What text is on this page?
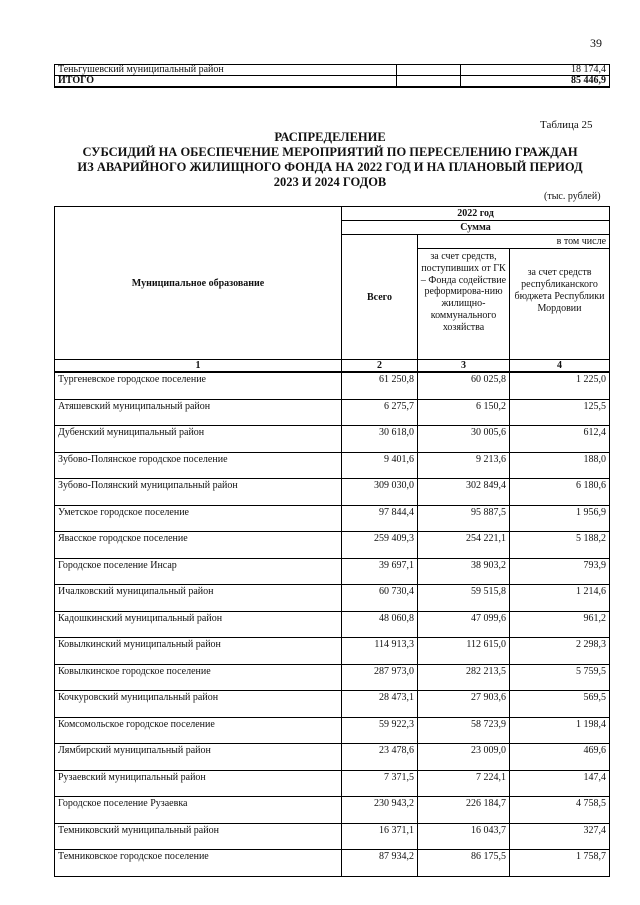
39
Теньгушевский муниципальный район		18 174,4
ИТОГО		85 446,9
Таблица 25
РАСПРЕДЕЛЕНИЕ
СУБСИДИЙ НА ОБЕСПЕЧЕНИЕ МЕРОПРИЯТИЙ ПО ПЕРЕСЕЛЕНИЮ ГРАЖДАН
ИЗ АВАРИЙНОГО ЖИЛИЩНОГО ФОНДА НА 2022 ГОД И НА ПЛАНОВЫЙ ПЕРИОД
2023 И 2024 ГОДОВ
(тыс. рублей)
Муниципальное образование	2022 год		
	Сумма		
	Всего	в том числе	
		за счет средств, поступивших от ГК – Фонда содействие реформирова-нию жилищно-коммунального хозяйства	за счет средств республиканского бюджета Республики Мордовии
1	2	3	4
Тургеневское городское поселение	61 250,8	60 025,8	1 225,0
Атяшевский муниципальный район	6 275,7	6 150,2	125,5
Дубенский муниципальный район	30 618,0	30 005,6	612,4
Зубово-Полянское городское поселение	9 401,6	9 213,6	188,0
Зубово-Полянский муниципальный район	309 030,0	302 849,4	6 180,6
Уметское городское поселение	97 844,4	95 887,5	1 956,9
Явасское городское поселение	259 409,3	254 221,1	5 188,2
Городское поселение Инсар	39 697,1	38 903,2	793,9
Ичалковский муниципальный район	60 730,4	59 515,8	1 214,6
Кадошкинский муниципальный район	48 060,8	47 099,6	961,2
Ковылкинский муниципальный район	114 913,3	112 615,0	2 298,3
Ковылкинское городское поселение	287 973,0	282 213,5	5 759,5
Кочкуровский муниципальный район	28 473,1	27 903,6	569,5
Комсомольское городское поселение	59 922,3	58 723,9	1 198,4
Лямбирский муниципальный район	23 478,6	23 009,0	469,6
Рузаевский муниципальный район	7 371,5	7 224,1	147,4
Городское поселение Рузаевка	230 943,2	226 184,7	4 758,5
Темниковский муниципальный район	16 371,1	16 043,7	327,4
Темниковское городское поселение	87 934,2	86 175,5	1 758,7
